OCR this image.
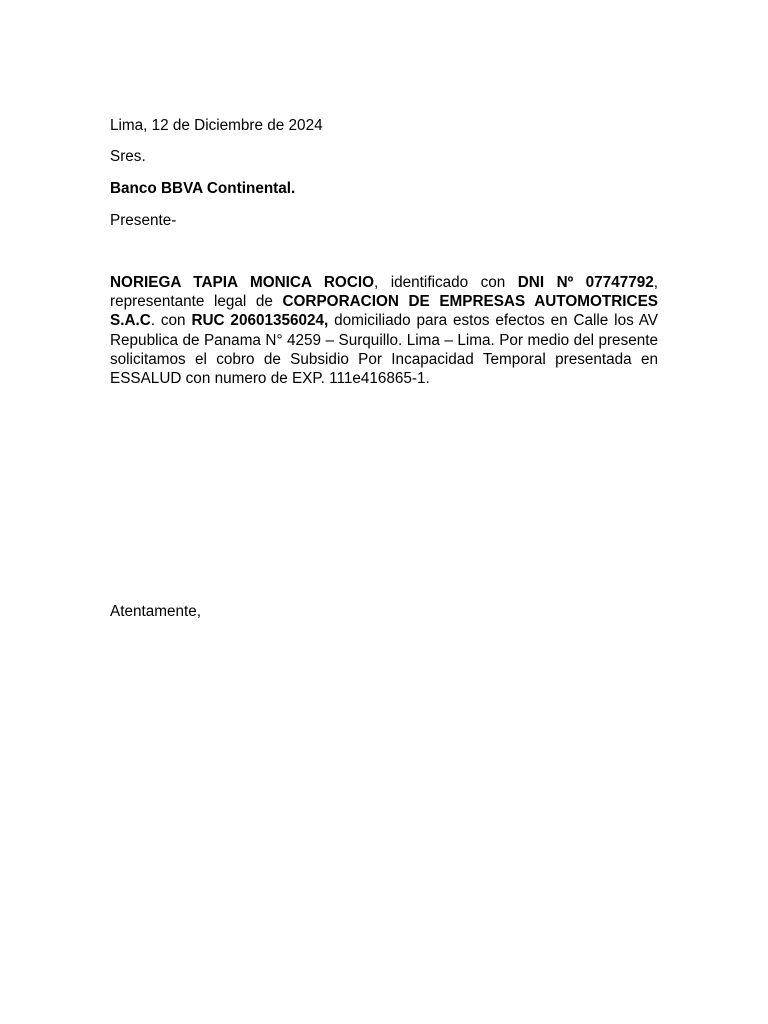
Lima, 12 de Diciembre de 2024
Sres.
Banco BBVA Continental.
Presente-
NORIEGA TAPIA MONICA ROCIO, identificado con DNI Nº 07747792, representante legal de CORPORACION DE EMPRESAS AUTOMOTRICES S.A.C. con RUC 20601356024, domiciliado para estos efectos en Calle los AV Republica de Panama N° 4259 – Surquillo. Lima – Lima. Por medio del presente solicitamos el cobro de Subsidio Por Incapacidad Temporal presentada en ESSALUD con numero de EXP. 111e416865-1.
Atentamente,
